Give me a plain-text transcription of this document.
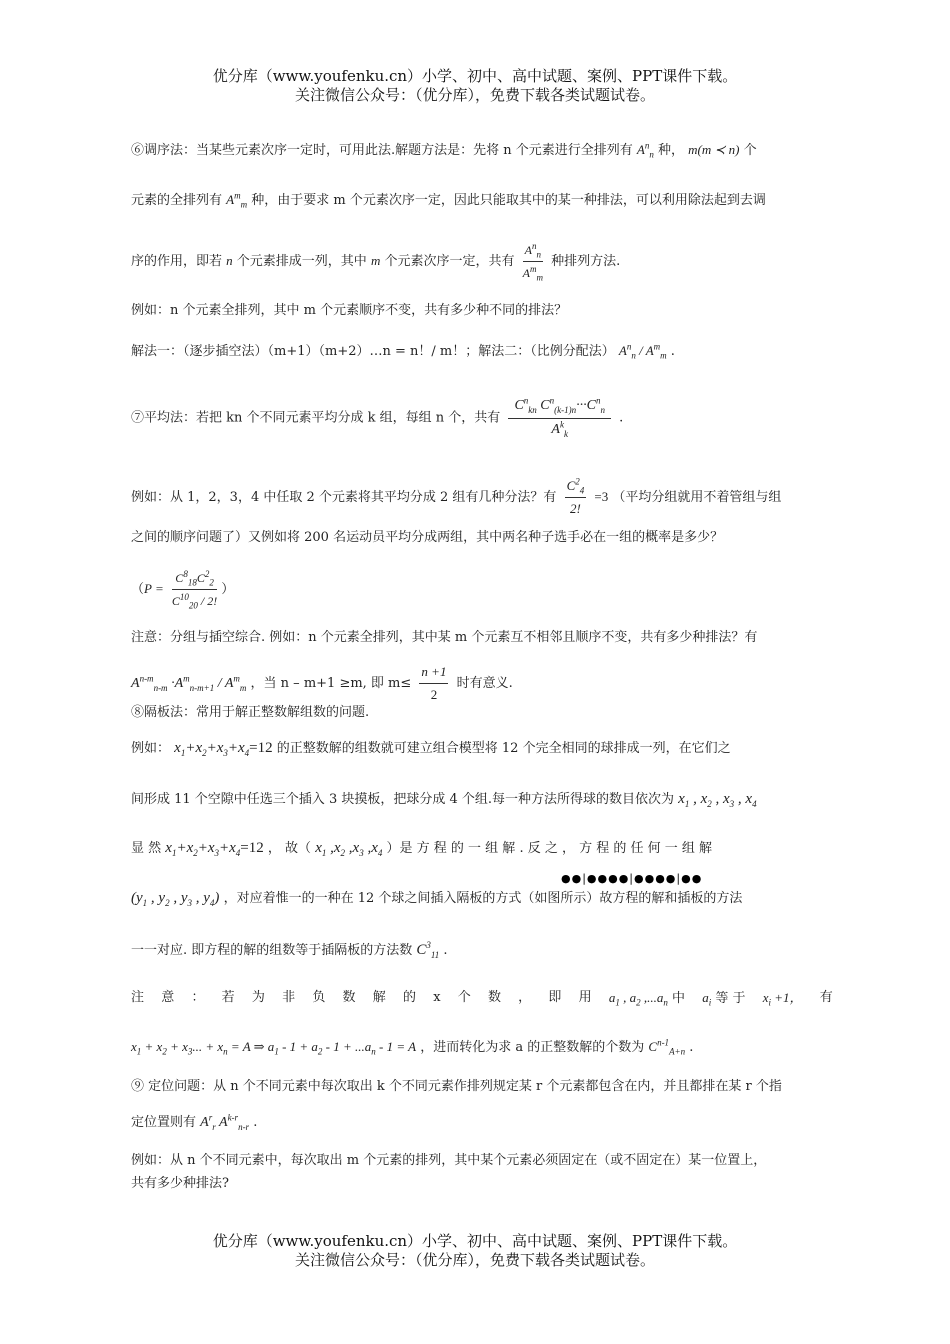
优分库（www.youfenku.cn）小学、初中、高中试题、案例、PPT课件下载。
关注微信公众号：（优分库），免费下载各类试题试卷。
⑥调序法：当某些元素次序一定时，可用此法.解题方法是：先将 n 个元素进行全排列有 $A^n_n$ 种， m(m ≺ n) 个
元素的全排列有 $A^m_m$ 种，由于要求 m 个元素次序一定，因此只能取其中的某一种排法，可以利用除法起到去调
序的作用，即若 n 个元素排成一列，其中 m 个元素次序一定，共有
$A^n_n$
$A^m_m$
种排列方法.
例如：n 个元素全排列，其中 m 个元素顺序不变，共有多少种不同的排法？
解法一：（逐步插空法）（m+1）（m+2）…n = n！/ m！；解法二：（比例分配法） $A^n_n / A^m_m$ .
⑦平均法：若把 kn 个不同元素平均分成 k 组，每组 n 个，共有
$C^n_{kn}$ $C^n_{(k-1)n}\cdot\cdot\cdot C^n_n$
$A^k_k$
.
例如：从 1，2，3，4 中任取 2 个元素将其平均分成 2 组有几种分法？有 $\frac{C^2_4}{2!} =3$ （平均分组就用不着管组与组
之间的顺序问题了）又例如将 200 名运动员平均分成两组，其中两名种子选手必在一组的概率是多少？
（$P = \frac{C^8_{18}C^2_2}{C^{10}_{20} / 2!}$ ）
注意：分组与插空综合. 例如：n 个元素全排列，其中某 m 个元素互不相邻且顺序不变，共有多少种排法？有
$A^{n-m}_{n-m} \cdot A^m_{n-m+1} / A^m_m$ ，当 n – m+1 ≥m, 即 $m\le \frac{n +1}{2}$ 时有意义.
⑧隔板法：常用于解正整数解组数的问题.
例如： $x_1+x_2+x_3+x_4=12$ 的正整数解的组数就可建立组合模型将 12 个完全相同的球排成一列，在它们之
间形成 11 个空隙中任选三个插入 3 块摸板，把球分成 4 个组.每一种方法所得球的数目依次为 $x_1$ , $x_2$ , $x_3$ , $x_4$
显 然 $x_1+x_2+x_3+x_4=12$ ， 故（ $x_1$ $,x_2$ $,x_3$ $,x_4$ ）是 方 程 的 一 组 解 . 反 之 ， 方 程 的 任 何 一 组 解
●●|●●●●|●●●●|●●
($y_1$ , $y_2$ , $y_3$ , $y_4$) ，对应着惟一的一种在 12 个球之间插入隔板的方式（如图所示）故方程的解和插板的方法
一一对应. 即方程的解的组数等于插隔板的方法数 $C^3_{11}$ .
注 意 ： 若 为 非 负 数 解 的 x 个 数 ， 即 用 $a_1$ , $a_2$ $,...a_n$ 中 $a_i$ 等 于 $x_i +1$， 有
$x_1 + x_2 + x_3$... + $x_n = A$ ⇒ $a_1 - 1 + a_2 - 1 + ...a_n - 1 = A$ ，进而转化为求 a 的正整数解的个数为 $C^{n-1}_{A+n}$ .
⑨ 定位问题：从 n 个不同元素中每次取出 k 个不同元素作排列规定某 r 个元素都包含在内，并且都排在某 r 个指
定位置则有 $A^r_r$ $A^{k-r}_{n-r}$ .
例如：从 n 个不同元素中，每次取出 m 个元素的排列，其中某个元素必须固定在（或不固定在）某一位置上，
共有多少种排法?
优分库（www.youfenku.cn）小学、初中、高中试题、案例、PPT课件下载。
关注微信公众号：（优分库），免费下载各类试题试卷。
